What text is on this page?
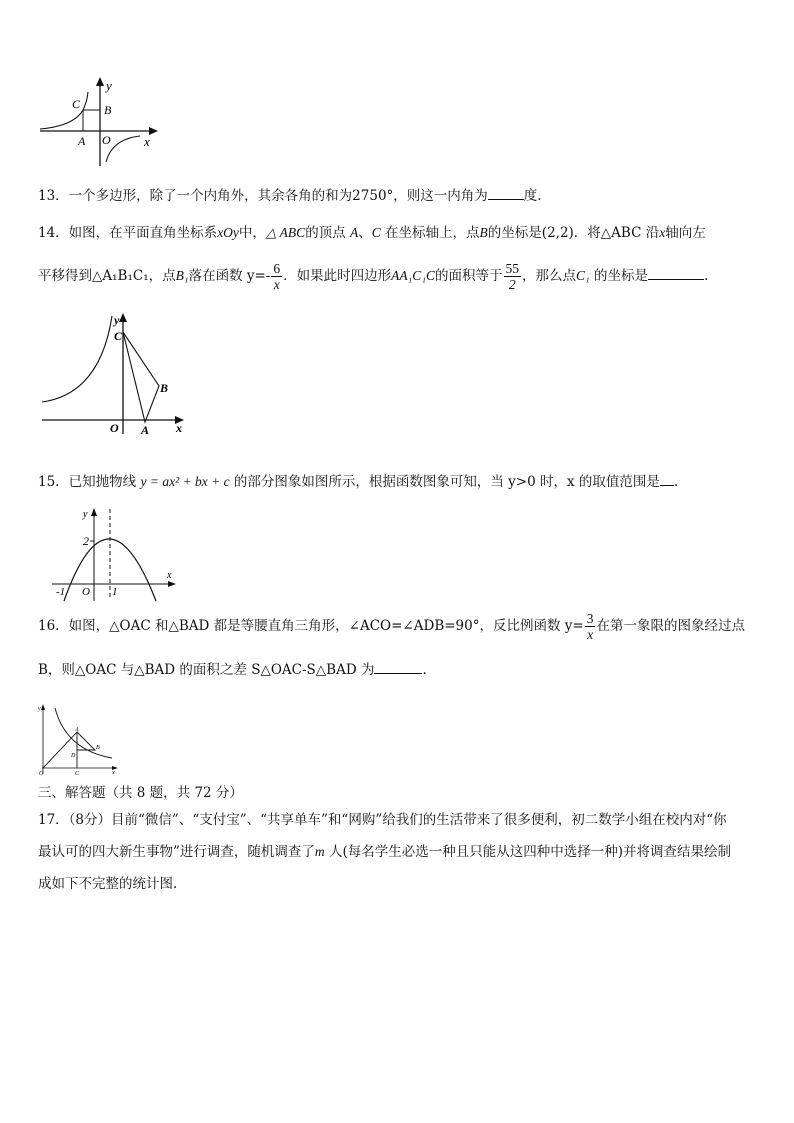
y
x
C B
A O
13．一个多边形，除了一个内角外，其余各角的和为2750°，则这一内角为	度.
14．如图，在平面直角坐标系xOy中，△ ABC的顶点 A、C 在坐标轴上，点B的坐标是(2,2)．将△ABC 沿x轴向左
平移得到△A₁B₁C₁，点B₁落在函数 $y=- \frac{6}{x}$ ．如果此时四边形AA₁C₁C的面积等于 $\frac{55}{2}$ ，那么点C₁ 的坐标是	.
y
C
B
O A x
15．已知抛物线 y = ax² + bx + c 的部分图象如图所示，根据函数图象可知，当 y>0 时，x 的取值范围是 .
y
2
-1 O 1
x
16．如图，△OAC 和△BAD 都是等腰直角三角形，∠ACO=∠ADB=90°，反比例函数 $y= \frac{3}{x}$ 在第一象限的图象经过点
B，则△OAC 与△BAD 的面积之差 S△OAC-S△BAD 为	.
y
A
B
D
O	C	x
三、解答题（共 8 题，共 72 分）
17．（8分）目前“微信”、“支付宝”、“共享单车”和“网购”给我们的生活带来了很多便利，初二数学小组在校内对“你
最认可的四大新生事物”进行调查，随机调查了m 人(每名学生必选一种且只能从这四种中选择一种)并将调查结果绘制
成如下不完整的统计图.
